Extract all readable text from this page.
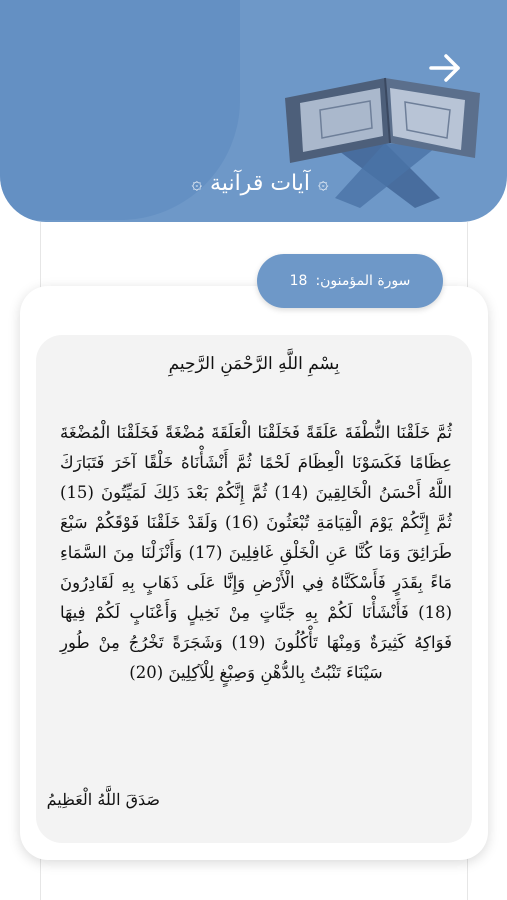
۞
آيات قرآنية
۞
سورة المؤمنون:
18
بِسْمِ اللَّهِ الرَّحْمَنِ الرَّحِيمِ
ثُمَّ خَلَقْنَا النُّطْفَةَ عَلَقَةً فَخَلَقْنَا الْعَلَقَةَ مُضْغَةً فَخَلَقْنَا الْمُضْغَةَ عِظَامًا فَكَسَوْنَا الْعِظَامَ لَحْمًا ثُمَّ أَنْشَأْنَاهُ خَلْقًا آخَرَ فَتَبَارَكَ اللَّهُ أَحْسَنُ الْخَالِقِينَ (14) ثُمَّ إِنَّكُمْ بَعْدَ ذَلِكَ لَمَيِّتُونَ (15) ثُمَّ إِنَّكُمْ يَوْمَ الْقِيَامَةِ تُبْعَثُونَ (16) وَلَقَدْ خَلَقْنَا فَوْقَكُمْ سَبْعَ طَرَائِقَ وَمَا كُنَّا عَنِ الْخَلْقِ غَافِلِينَ (17) وَأَنْزَلْنَا مِنَ السَّمَاءِ مَاءً بِقَدَرٍ فَأَسْكَنَّاهُ فِي الْأَرْضِ وَإِنَّا عَلَى ذَهَابٍ بِهِ لَقَادِرُونَ (18) فَأَنْشَأْنَا لَكُمْ بِهِ جَنَّاتٍ مِنْ نَخِيلٍ وَأَعْنَابٍ لَكُمْ فِيهَا فَوَاكِهُ كَثِيرَةٌ وَمِنْهَا تَأْكُلُونَ (19) وَشَجَرَةً تَخْرُجُ مِنْ طُورِ سَيْنَاءَ تَنْبُتُ بِالدُّهْنِ وَصِبْغٍ لِلْآكِلِينَ (20)
صَدَقَ اللَّهُ الْعَظِيمُ
